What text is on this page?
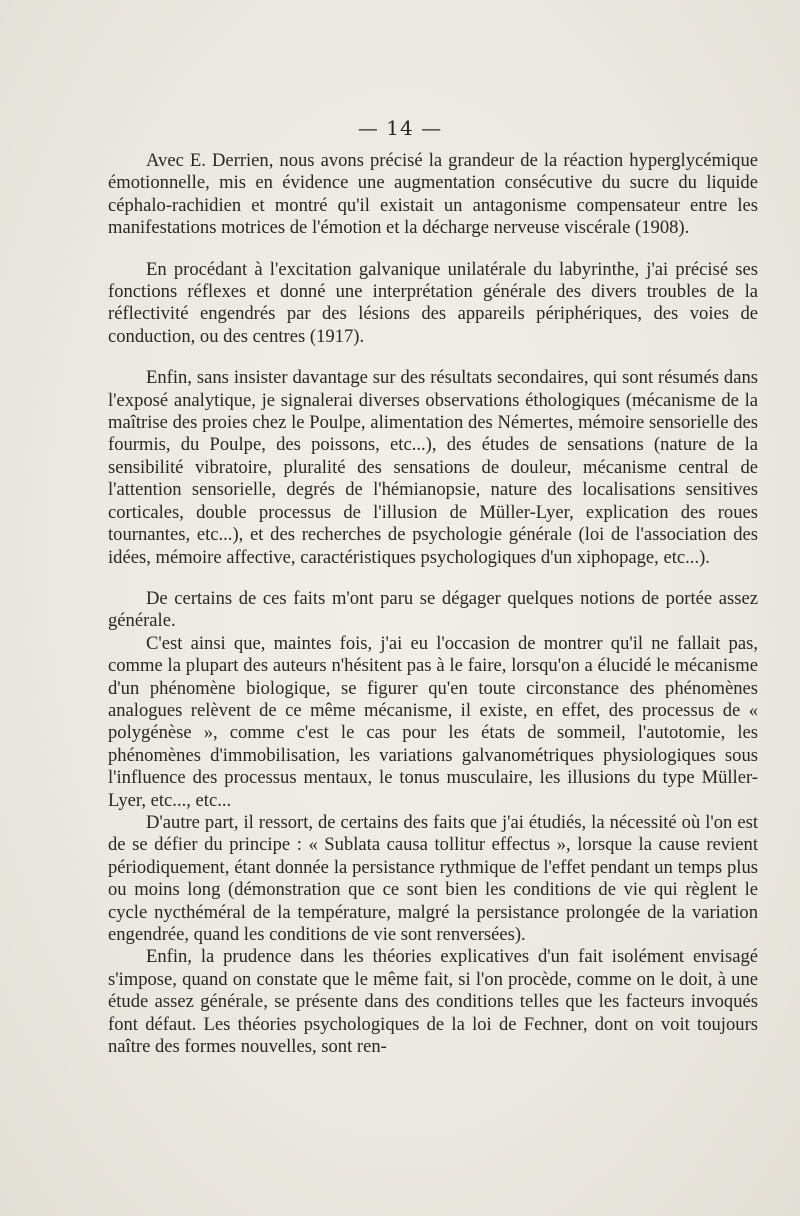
— 14 —

Avec E. Derrien, nous avons précisé la grandeur de la réaction hyperglycémique émotionnelle, mis en évidence une augmentation consécutive du sucre du liquide céphalo-rachidien et montré qu'il existait un antagonisme compensateur entre les manifestations motrices de l'émotion et la décharge nerveuse viscérale (1908).

En procédant à l'excitation galvanique unilatérale du labyrinthe, j'ai précisé ses fonctions réflexes et donné une interprétation générale des divers troubles de la réflectivité engendrés par des lésions des appareils périphériques, des voies de conduction, ou des centres (1917).

Enfin, sans insister davantage sur des résultats secondaires, qui sont résumés dans l'exposé analytique, je signalerai diverses observations éthologiques (mécanisme de la maîtrise des proies chez le Poulpe, alimentation des Némertes, mémoire sensorielle des fourmis, du Poulpe, des poissons, etc...), des études de sensations (nature de la sensibilité vibratoire, pluralité des sensations de douleur, mécanisme central de l'attention sensorielle, degrés de l'hémianopsie, nature des localisations sensitives corticales, double processus de l'illusion de Müller-Lyer, explication des roues tournantes, etc...), et des recherches de psychologie générale (loi de l'association des idées, mémoire affective, caractéristiques psychologiques d'un xiphopage, etc...).

De certains de ces faits m'ont paru se dégager quelques notions de portée assez générale.

C'est ainsi que, maintes fois, j'ai eu l'occasion de montrer qu'il ne fallait pas, comme la plupart des auteurs n'hésitent pas à le faire, lorsqu'on a élucidé le mécanisme d'un phénomène biologique, se figurer qu'en toute circonstance des phénomènes analogues relèvent de ce même mécanisme, il existe, en effet, des processus de « polygénèse », comme c'est le cas pour les états de sommeil, l'autotomie, les phénomènes d'immobilisation, les variations galvanométriques physiologiques sous l'influence des processus mentaux, le tonus musculaire, les illusions du type Müller-Lyer, etc..., etc...

D'autre part, il ressort, de certains des faits que j'ai étudiés, la nécessité où l'on est de se défier du principe : « Sublata causa tollitur effectus », lorsque la cause revient périodiquement, étant donnée la persistance rythmique de l'effet pendant un temps plus ou moins long (démonstration que ce sont bien les conditions de vie qui règlent le cycle nycthéméral de la température, malgré la persistance prolongée de la variation engendrée, quand les conditions de vie sont renversées).

Enfin, la prudence dans les théories explicatives d'un fait isolément envisagé s'impose, quand on constate que le même fait, si l'on procède, comme on le doit, à une étude assez générale, se présente dans des conditions telles que les facteurs invoqués font défaut. Les théories psychologiques de la loi de Fechner, dont on voit toujours naître des formes nouvelles, sont ren-
